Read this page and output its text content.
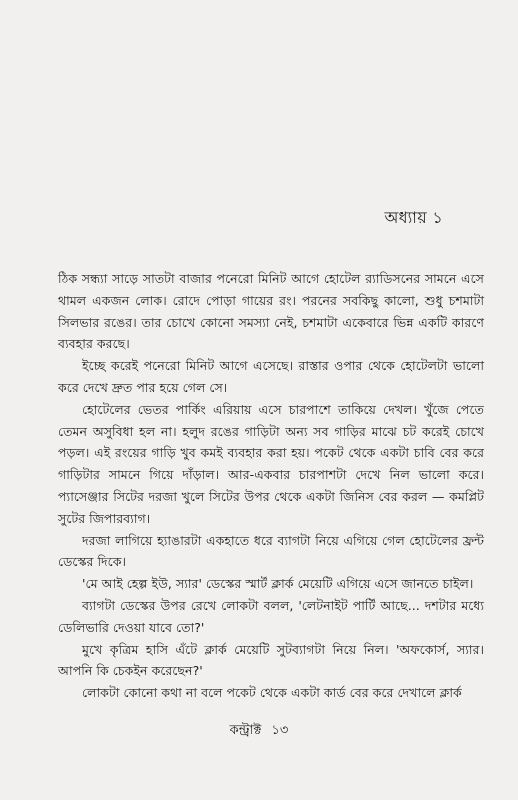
অধ্যায় ১

ঠিক সন্ধ্যা সাড়ে সাতটা বাজার পনেরো মিনিট আগে হোটেল র‍্যাডিসনের সামনে এসে থামল একজন লোক। রোদে পোড়া গায়ের রং। পরনের সবকিছু কালো, শুধু চশমাটা সিলভার রঙের। তার চোখে কোনো সমস্যা নেই, চশমাটা একেবারে ভিন্ন একটি কারণে ব্যবহার করছে।

ইচ্ছে করেই পনেরো মিনিট আগে এসেছে। রাস্তার ওপার থেকে হোটেলটা ভালো করে দেখে দ্রুত পার হয়ে গেল সে।

হোটেলের ভেতর পার্কিং এরিয়ায় এসে চারপাশে তাকিয়ে দেখল। খুঁজে পেতে তেমন অসুবিধা হল না। হলুদ রঙের গাড়িটা অন্য সব গাড়ির মাঝে চট করেই চোখে পড়ল। এই রংয়ের গাড়ি খুব কমই ব্যবহার করা হয়। পকেট থেকে একটা চাবি বের করে গাড়িটার সামনে গিয়ে দাঁড়াল। আর-একবার চারপাশটা দেখে নিল ভালো করে। প্যাসেঞ্জার সিটের দরজা খুলে সিটের উপর থেকে একটা জিনিস বের করল — কমপ্লিট সুটের জিপারব্যাগ।

দরজা লাগিয়ে হ্যাঙারটা একহাতে ধরে ব্যাগটা নিয়ে এগিয়ে গেল হোটেলের ফ্রন্ট ডেস্কের দিকে।

'মে আই হেল্প ইউ, স্যার' ডেস্কের স্মার্ট ক্লার্ক মেয়েটি এগিয়ে এসে জানতে চাইল।

ব্যাগটা ডেস্কের উপর রেখে লোকটা বলল, 'লেটনাইট পার্টি আছে... দশটার মধ্যে ডেলিভারি দেওয়া যাবে তো?'

মুখে কৃত্রিম হাসি এঁটে ক্লার্ক মেয়েটি সুটব্যাগটা নিয়ে নিল। 'অফকোর্স, স্যার। আপনি কি চেকইন করেছেন?'

লোকটা কোনো কথা না বলে পকেট থেকে একটা কার্ড বের করে দেখালে ক্লার্ক

কন্ট্রাক্ট ১৩
